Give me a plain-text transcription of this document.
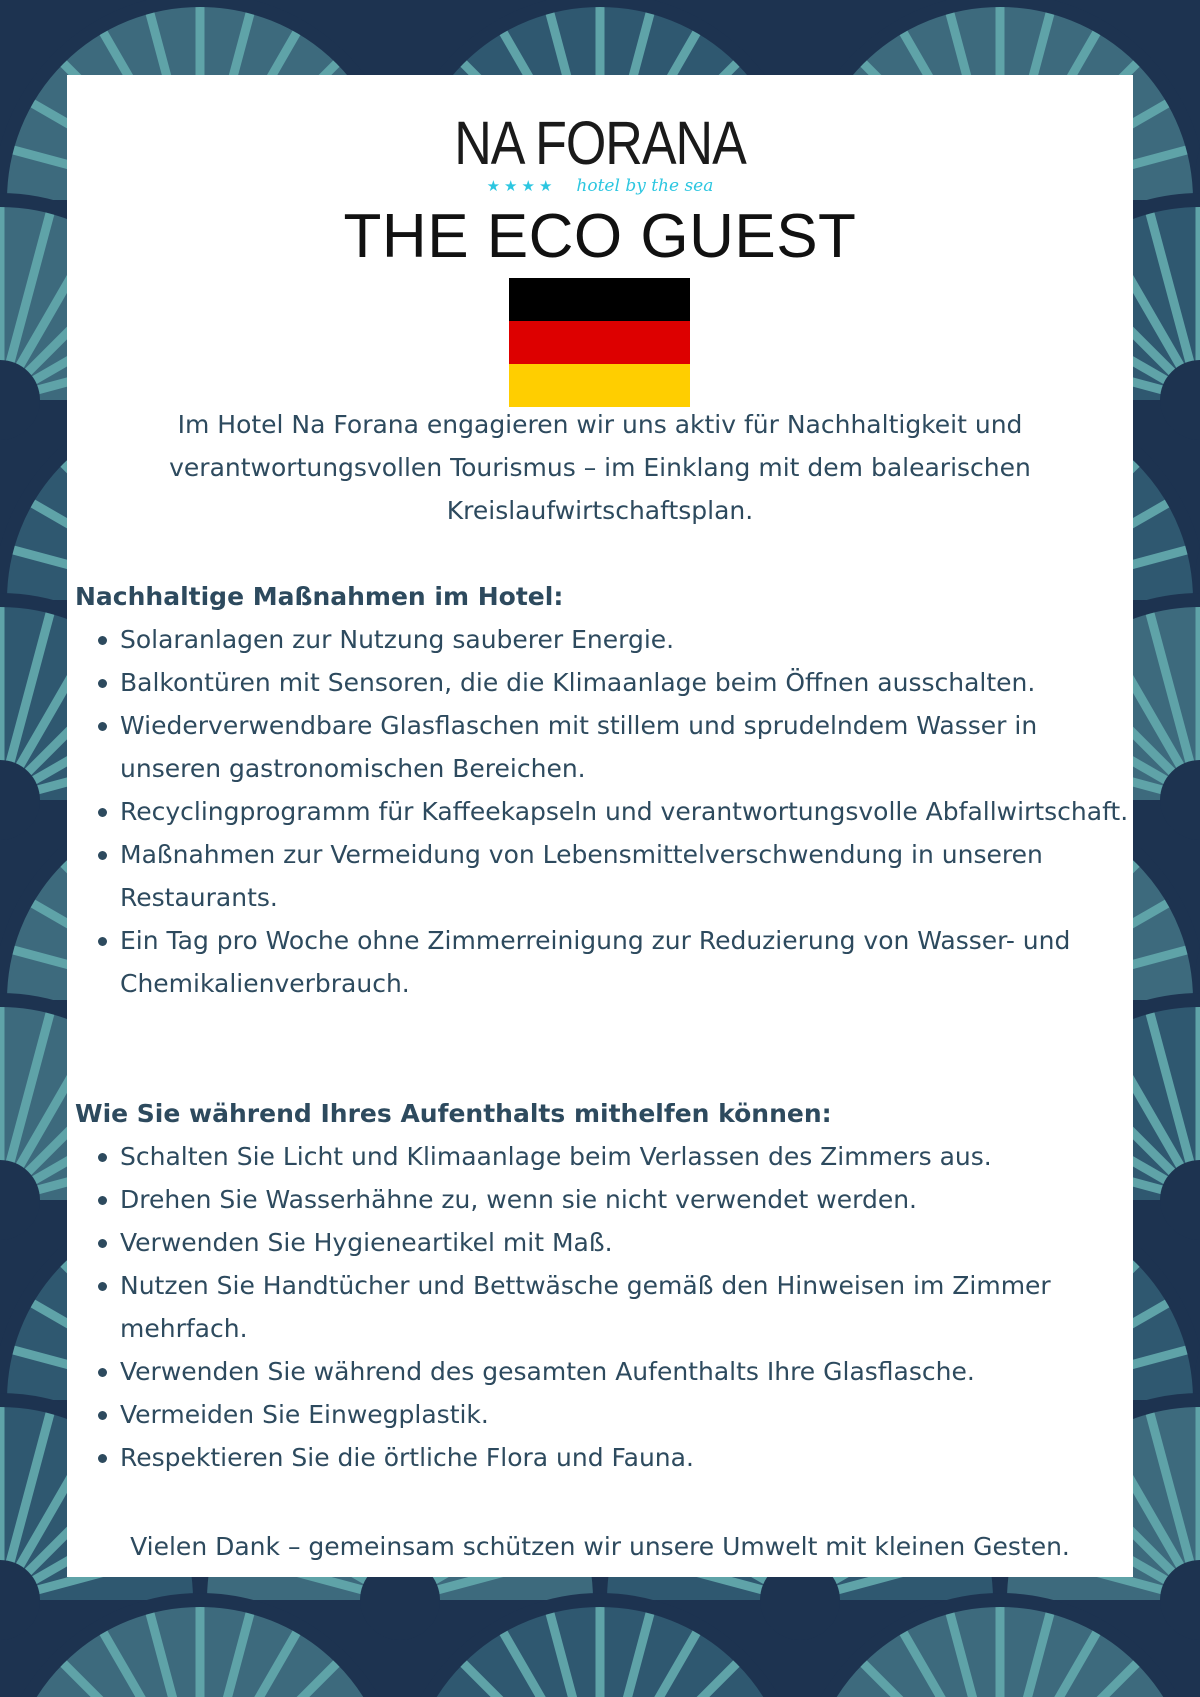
NA FORANA
★★★★ hotel by the sea
THE ECO GUEST
Im Hotel Na Forana engagieren wir uns aktiv für Nachhaltigkeit und verantwortungsvollen Tourismus – im Einklang mit dem balearischen Kreislaufwirtschaftsplan.
Nachhaltige Maßnahmen im Hotel:
Solaranlagen zur Nutzung sauberer Energie.
Balkontüren mit Sensoren, die die Klimaanlage beim Öffnen ausschalten.
Wiederverwendbare Glasflaschen mit stillem und sprudelndem Wasser in unseren gastronomischen Bereichen.
Recyclingprogramm für Kaffeekapseln und verantwortungsvolle Abfallwirtschaft.
Maßnahmen zur Vermeidung von Lebensmittelverschwendung in unseren Restaurants.
Ein Tag pro Woche ohne Zimmerreinigung zur Reduzierung von Wasser- und Chemikalienverbrauch.
Wie Sie während Ihres Aufenthalts mithelfen können:
Schalten Sie Licht und Klimaanlage beim Verlassen des Zimmers aus.
Drehen Sie Wasserhähne zu, wenn sie nicht verwendet werden.
Verwenden Sie Hygieneartikel mit Maß.
Nutzen Sie Handtücher und Bettwäsche gemäß den Hinweisen im Zimmer mehrfach.
Verwenden Sie während des gesamten Aufenthalts Ihre Glasflasche.
Vermeiden Sie Einwegplastik.
Respektieren Sie die örtliche Flora und Fauna.
Vielen Dank – gemeinsam schützen wir unsere Umwelt mit kleinen Gesten.
